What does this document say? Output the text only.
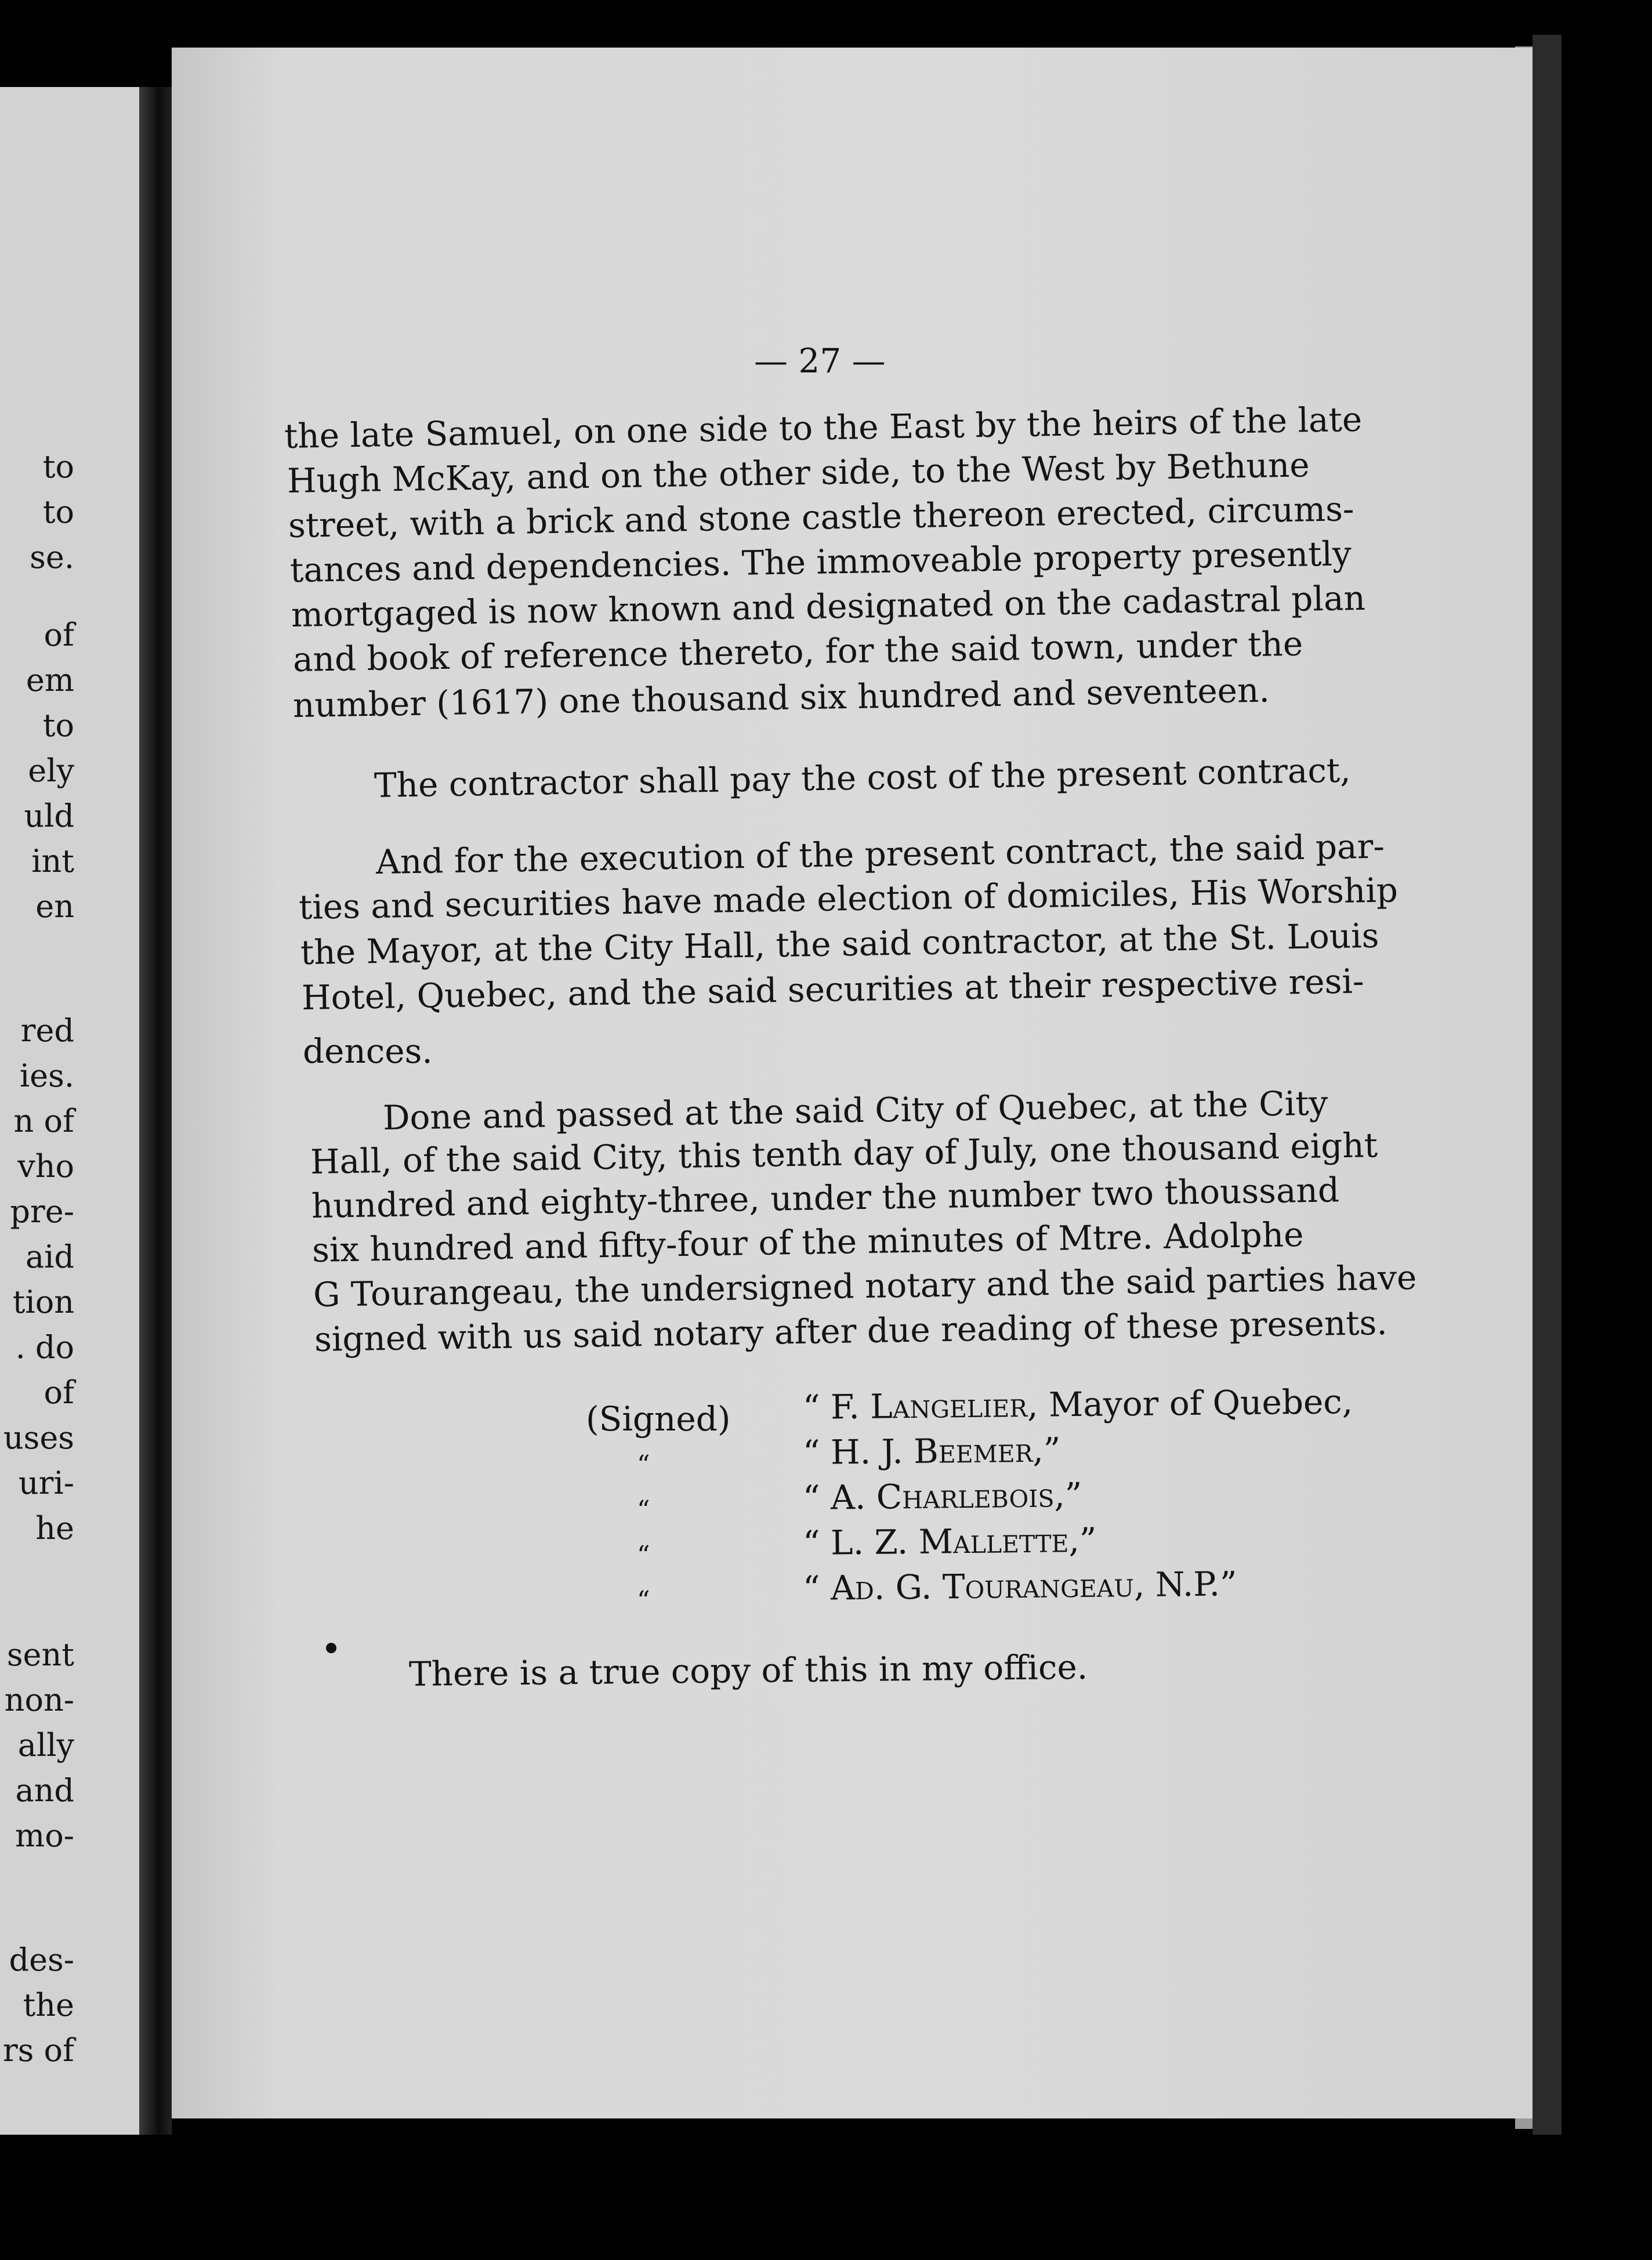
to
to
se.
of
em
to
ely
uld
int
en
red
ies.
n of
vho
pre-
aid
tion
. do
of
uses
uri-
he
sent
non-
ally
and
mo-
des-
the
rs of
— 27 —
the late Samuel, on one side to the East by the heirs of the late
Hugh McKay, and on the other side, to the West by Bethune
street, with a brick and stone castle thereon erected, circums-
tances and dependencies. The immoveable property presently
mortgaged is now known and designated on the cadastral plan
and book of reference thereto, for the said town, under the
number (1617) one thousand six hundred and seventeen.
The contractor shall pay the cost of the present contract,
And for the execution of the present contract, the said par-
ties and securities have made election of domiciles, His Worship
the Mayor, at the City Hall, the said contractor, at the St. Louis
Hotel, Quebec, and the said securities at their respective resi-
dences.
Done and passed at the said City of Quebec, at the City
Hall, of the said City, this tenth day of July, one thousand eight
hundred and eighty-three, under the number two thoussand
six hundred and fifty-four of the minutes of Mtre. Adolphe
G Tourangeau, the undersigned notary and the said parties have
signed with us said notary after due reading of these presents.
(Signed)
“
“
“
“
“ F. Langelier, Mayor of Quebec,
“ H. J. Beemer,”
“ A. Charlebois,”
“ L. Z. Mallette,”
“ Ad. G. Tourangeau, N.P.”
There is a true copy of this in my office.
